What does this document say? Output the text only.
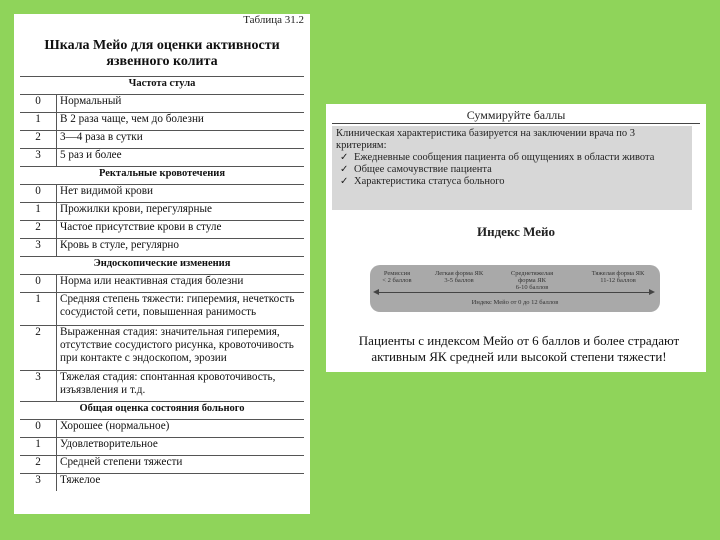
Таблица 31.2
Шкала Мейо для оценки активности язвенного колита
Частота стула	
0	Нормальный
1	В 2 раза чаще, чем до болезни
2	3—4 раза в сутки
3	5 раз и более
Ректальные кровотечения	
0	Нет видимой крови
1	Прожилки крови, перегулярные
2	Частое присутствие крови в стуле
3	Кровь в стуле, регулярно
Эндоскопические изменения	
0	Норма или неактивная стадия болезни
1	Средняя степень тяжести: гиперемия, нечеткость сосудистой сети, повышенная ранимость
2	Выраженная стадия: значительная гиперемия, отсутствие сосудистого рисунка, кровоточивость при контакте с эндоскопом, эрозии
3	Тяжелая стадия: спонтанная кровоточивость, изъязвления и т.д.
Общая оценка состояния больного	
0	Хорошее (нормальное)
1	Удовлетворительное
2	Средней степени тяжести
3	Тяжелое
Суммируйте баллы
Клиническая характеристика базируется на заключении врача по 3 критериям:
✓ Ежедневные сообщения пациента об ощущениях в области живота
✓ Общее самочувствие пациента
✓ Характеристика статуса больного
Индекс Мейо
Ремиссия
< 2 баллов
Легкая форма ЯК
3-5 баллов
Среднетяжелая форма ЯК
6-10 баллов
Тяжелая форма ЯК
11-12 баллов
Индекс Мейо от 0 до 12 баллов
Пациенты с индексом Мейо от 6 баллов и более страдают активным ЯК средней или высокой степени тяжести!
